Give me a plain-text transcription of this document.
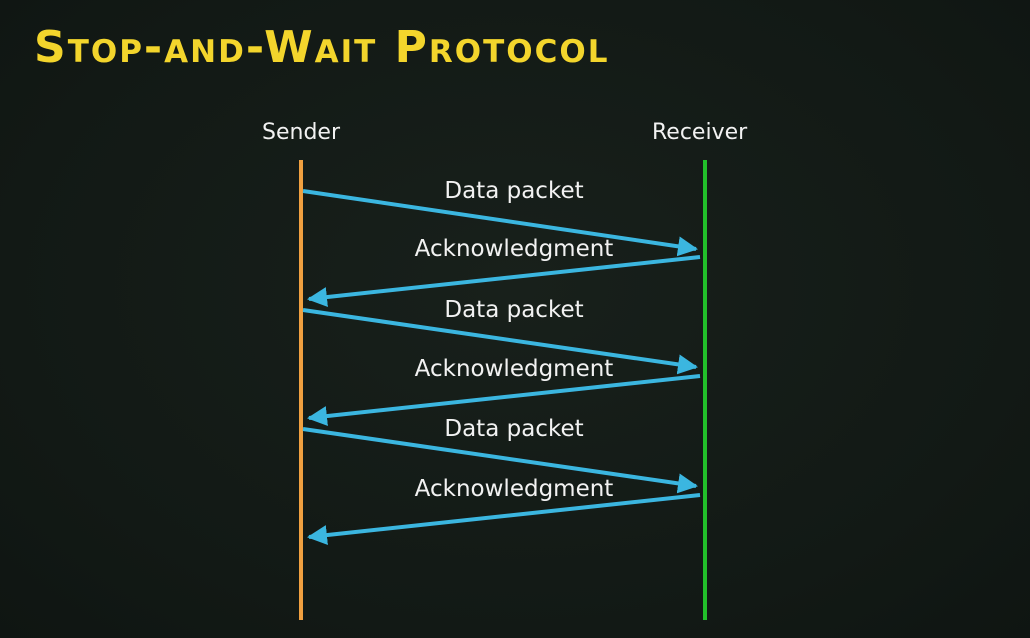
Stop-and-Wait Protocol
Sender	Receiver
Data packet
Acknowledgment
Data packet
Acknowledgment
Data packet
Acknowledgment
